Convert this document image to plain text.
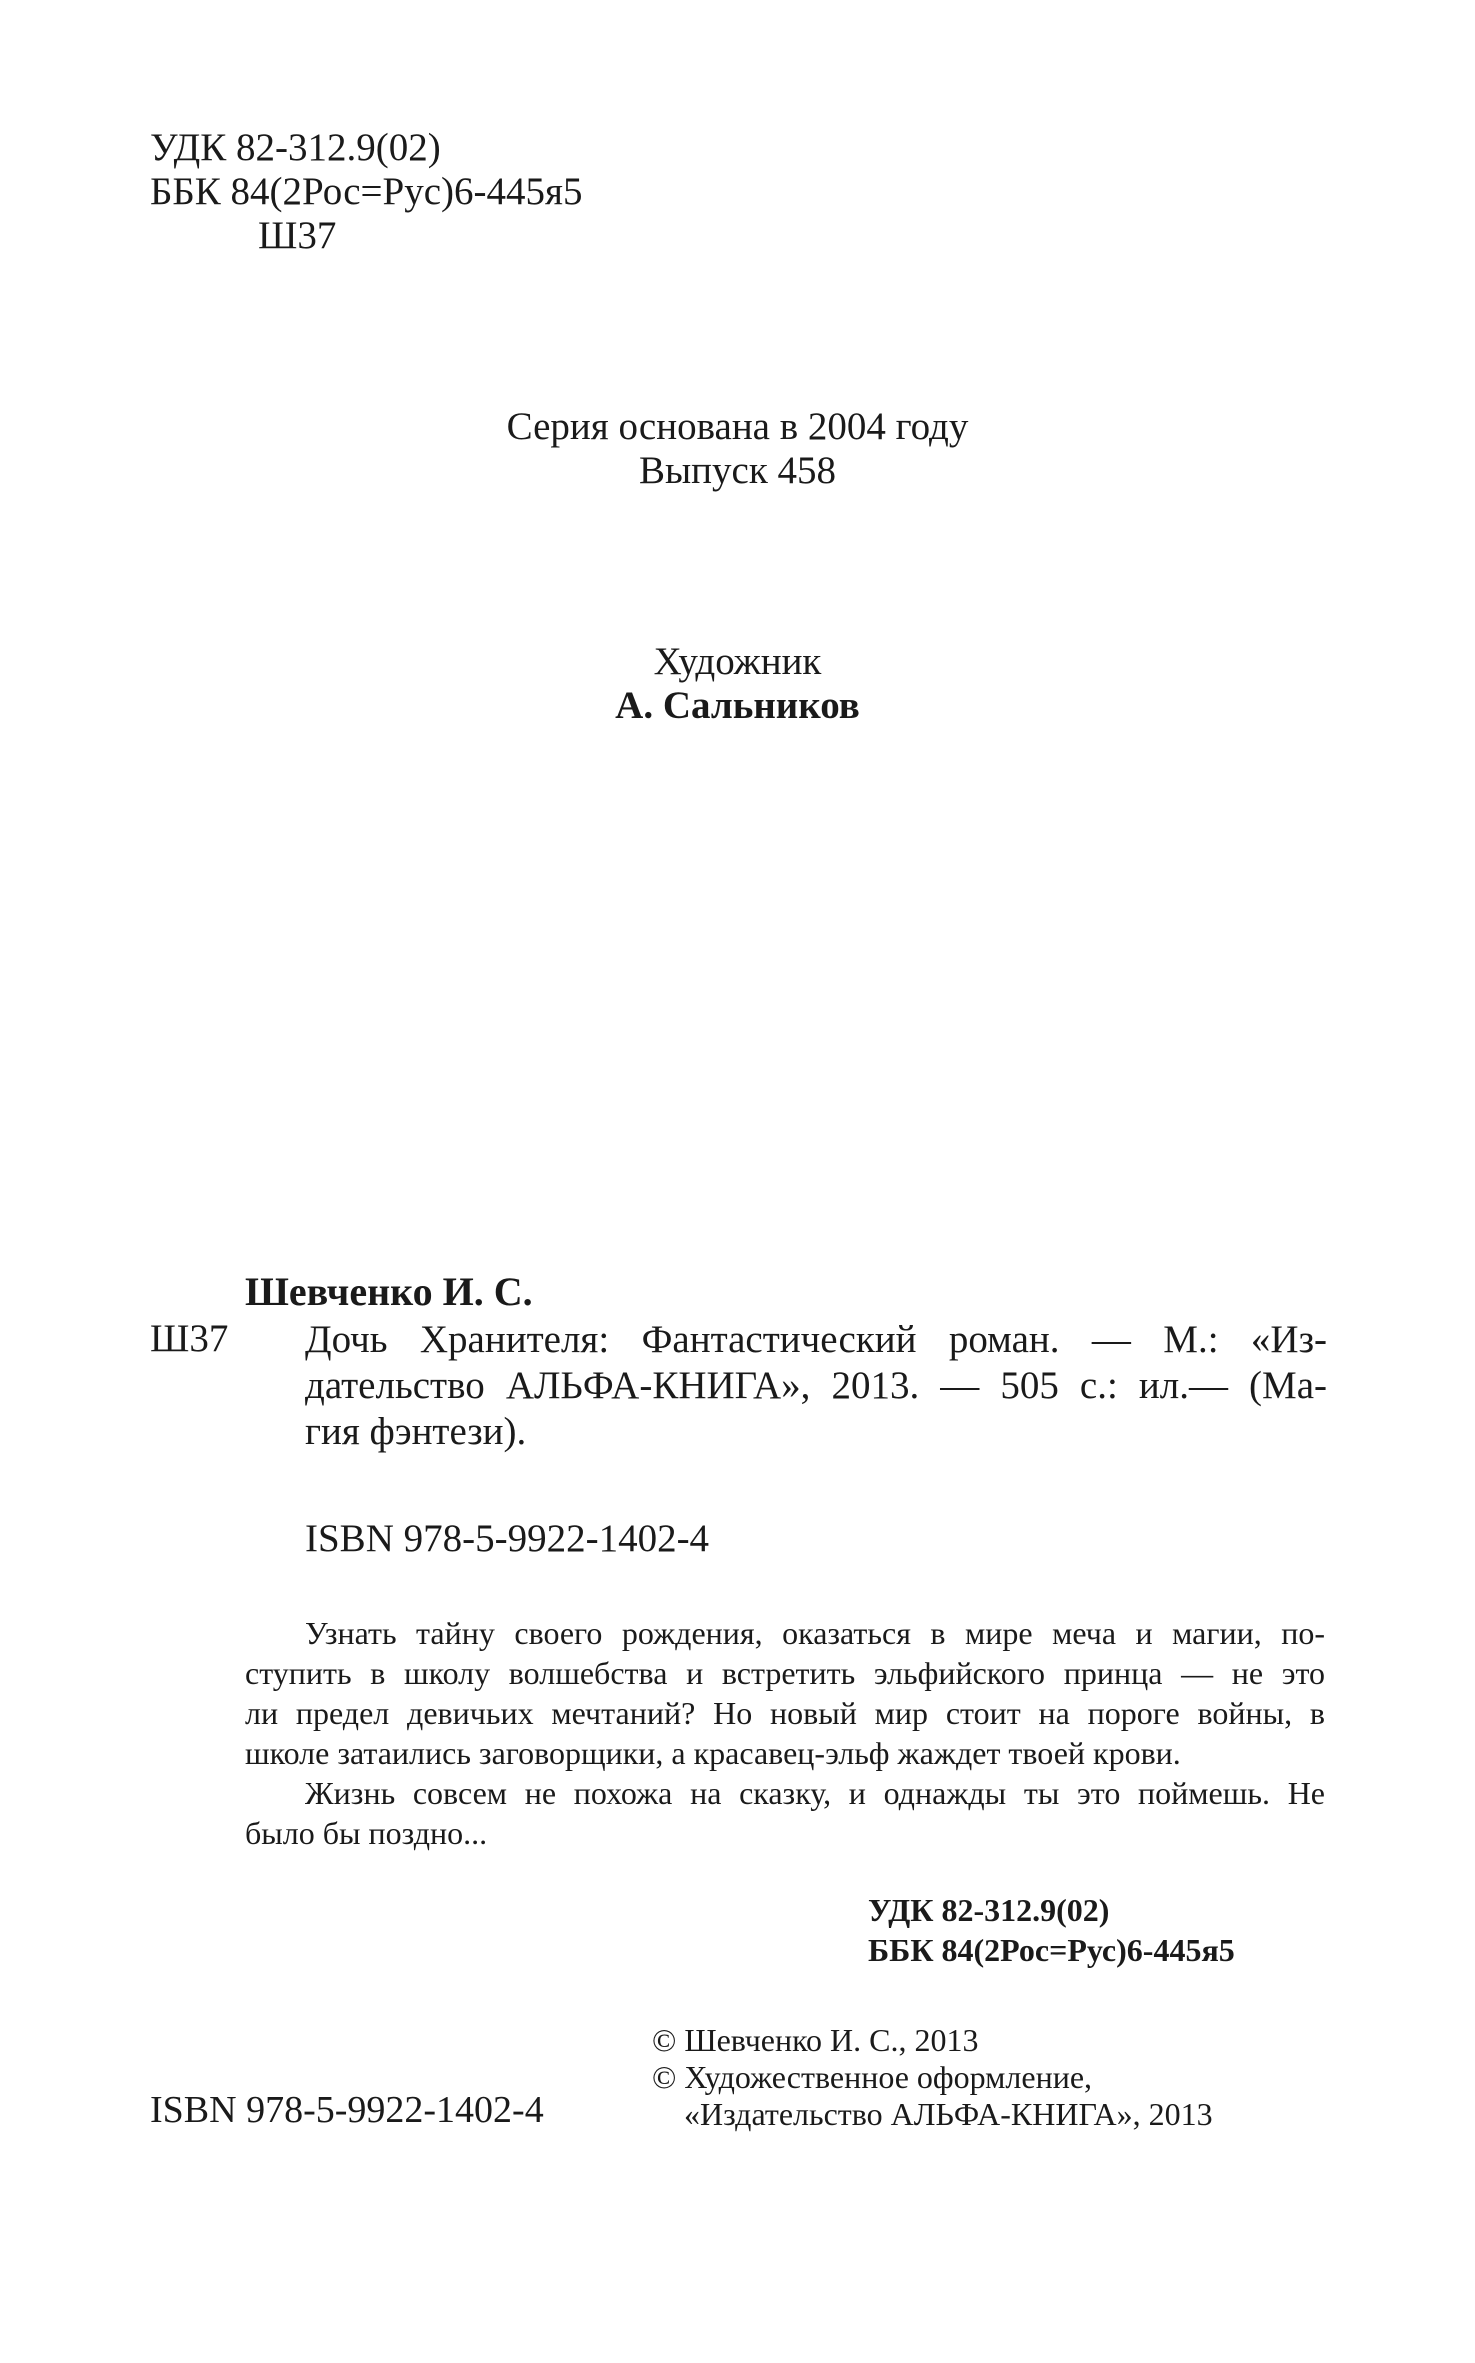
УДК 82-312.9(02)
ББК 84(2Рос=Рус)6-445я5
Ш37
Серия основана в 2004 году
Выпуск 458
Художник
А. Сальников
Шевченко И. С.
Ш37 Дочь Хранителя: Фантастический роман. — М.: «Из-
дательство АЛЬФА-КНИГА», 2013. — 505 с.: ил.— (Ма-
гия фэнтези).
ISBN 978-5-9922-1402-4
Узнать тайну своего рождения, оказаться в мире меча и магии, по-
ступить в школу волшебства и встретить эльфийского принца — не это
ли предел девичьих мечтаний? Но новый мир стоит на пороге войны, в
школе затаились заговорщики, а красавец-эльф жаждет твоей крови.
Жизнь совсем не похожа на сказку, и однажды ты это поймешь. Не
было бы поздно...
УДК 82-312.9(02)
ББК 84(2Рос=Рус)6-445я5
ISBN 978-5-9922-1402-4
© Шевченко И. С., 2013
© Художественное оформление,
«Издательство АЛЬФА-КНИГА», 2013
